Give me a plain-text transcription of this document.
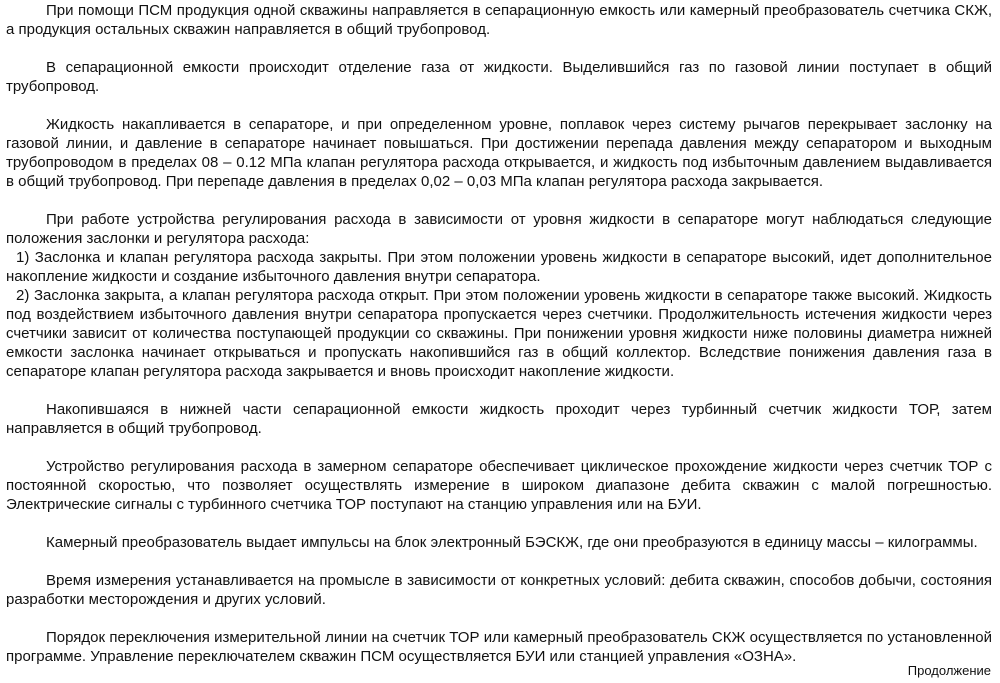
При помощи ПСМ продукция одной скважины направляется в сепарационную емкость или камерный преобразователь счетчика СКЖ, а продукция остальных скважин направляется в общий трубопровод.

В сепарационной емкости происходит отделение газа от жидкости. Выделившийся газ по газовой линии поступает в общий трубопровод.

Жидкость накапливается в сепараторе, и при определенном уровне, поплавок через систему рычагов перекрывает заслонку на газовой линии, и давление в сепараторе начинает повышаться. При достижении перепада давления между сепаратором и выходным трубопроводом в пределах 08 – 0.12 МПа клапан регулятора расхода открывается, и жидкость под избыточным давлением выдавливается в общий трубопровод. При перепаде давления в пределах 0,02 – 0,03 МПа клапан регулятора расхода закрывается.

При работе устройства регулирования расхода в зависимости от уровня жидкости в сепараторе могут наблюдаться следующие положения заслонки и регулятора расхода:

1) Заслонка и клапан регулятора расхода закрыты. При этом положении уровень жидкости в сепараторе высокий, идет дополнительное накопление жидкости и создание избыточного давления внутри сепаратора.

2) Заслонка закрыта, а клапан регулятора расхода открыт. При этом положении уровень жидкости в сепараторе также высокий. Жидкость под воздействием избыточного давления внутри сепаратора пропускается через счетчики. Продолжительность истечения жидкости через счетчики зависит от количества поступающей продукции со скважины. При понижении уровня жидкости ниже половины диаметра нижней емкости заслонка начинает открываться и пропускать накопившийся газ в общий коллектор. Вследствие понижения давления газа в сепараторе клапан регулятора расхода закрывается и вновь происходит накопление жидкости.

Накопившаяся в нижней части сепарационной емкости жидкость проходит через турбинный счетчик жидкости ТОР, затем направляется в общий трубопровод.

Устройство регулирования расхода в замерном сепараторе обеспечивает циклическое прохождение жидкости через счетчик ТОР с постоянной скоростью, что позволяет осуществлять измерение в широком диапазоне дебита скважин с малой погрешностью. Электрические сигналы с турбинного счетчика ТОР поступают на станцию управления или на БУИ.

Камерный преобразователь выдает импульсы на блок электронный БЭСКЖ, где они преобразуются в единицу массы – килограммы.

Время измерения устанавливается на промысле в зависимости от конкретных условий: дебита скважин, способов добычи, состояния разработки месторождения и других условий.

Порядок переключения измерительной линии на счетчик ТОР или камерный преобразователь СКЖ осуществляется по установленной программе. Управление переключателем скважин ПСМ осуществляется БУИ или станцией управления «ОЗНА».

Продолжение
